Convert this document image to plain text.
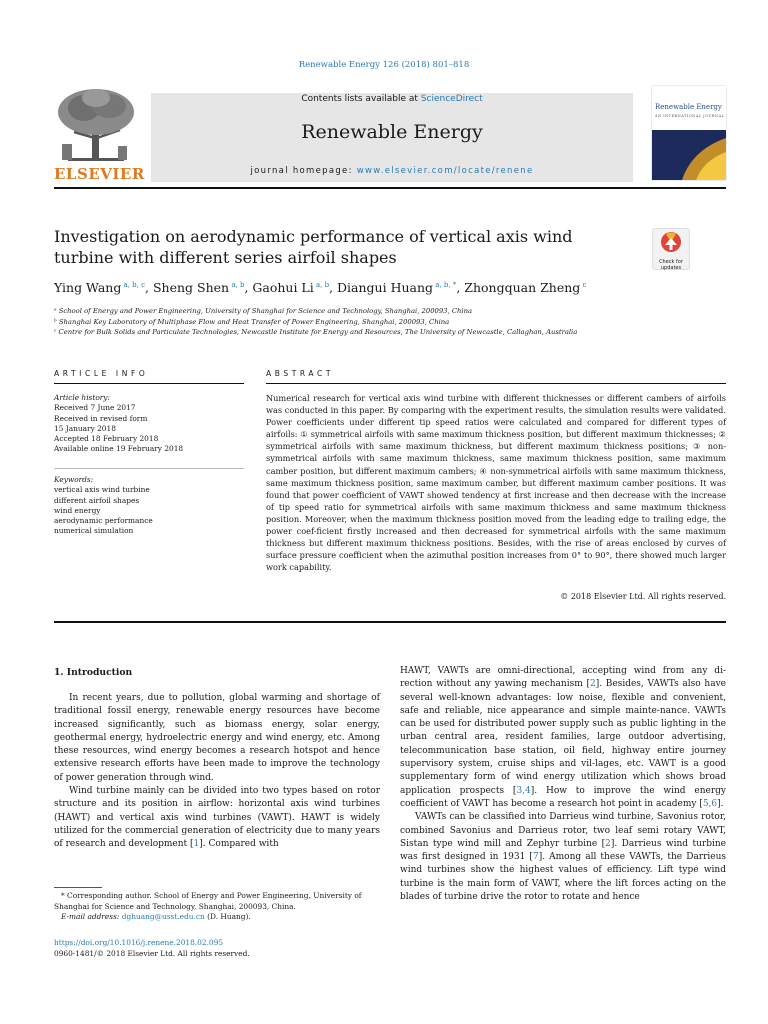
Renewable Energy 126 (2018) 801–818
ELSEVIER
Contents lists available at ScienceDirect
Renewable Energy
journal homepage: www.elsevier.com/locate/renene
Renewable Energy
AN INTERNATIONAL JOURNAL
Investigation on aerodynamic performance of vertical axis wind turbine with different series airfoil shapes	Check for updates
Ying Wang $^{a, b, c}$, Sheng Shen $^{a, b}$, Gaohui Li $^{a, b}$, Diangui Huang $^{a, b, *}$, Zhongquan Zheng $^c$
ᵃ School of Energy and Power Engineering, University of Shanghai for Science and Technology, Shanghai, 200093, China
ᵇ Shanghai Key Laboratory of Multiphase Flow and Heat Transfer of Power Engineering, Shanghai, 200093, China
ᶜ Centre for Bulk Solids and Particulate Technologies, Newcastle Institute for Energy and Resources, The University of Newcastle, Callaghan, Australia
ARTICLE INFO
Article history:
Received 7 June 2017
Received in revised form
15 January 2018
Accepted 18 February 2018
Available online 19 February 2018
Keywords:
vertical axis wind turbine
different airfoil shapes
wind energy
aerodynamic performance
numerical simulation
ABSTRACT
Numerical research for vertical axis wind turbine with different thicknesses or different cambers of airfoils was conducted in this paper. By comparing with the experiment results, the simulation results were validated. Power coefficients under different tip speed ratios were calculated and compared for different types of airfoils: ① symmetrical airfoils with same maximum thickness position, but different maximum thicknesses; ② symmetrical airfoils with same maximum thickness, but different maximum thickness positions; ③ non-symmetrical airfoils with same maximum thickness, same maximum thickness position, same maximum camber position, but different maximum cambers; ④ non-symmetrical airfoils with same maximum thickness, same maximum thickness position, same maximum camber, but different maximum camber positions. It was found that power coefficient of VAWT showed tendency at first increase and then decrease with the increase of tip speed ratio for symmetrical airfoils with same maximum thickness and same maximum thickness position. Moreover, when the maximum thickness position moved from the leading edge to trailing edge, the power coef-ficient firstly increased and then decreased for symmetrical airfoils with the same maximum thickness but different maximum thickness positions. Besides, with the rise of areas enclosed by curves of surface pressure coefficient when the azimuthal position increases from 0° to 90°, there showed much larger work capability.
© 2018 Elsevier Ltd. All rights reserved.
1. Introduction

In recent years, due to pollution, global warming and shortage of traditional fossil energy, renewable energy resources have become increased significantly, such as biomass energy, solar energy, geothermal energy, hydroelectric energy and wind energy, etc. Among these resources, wind energy becomes a research hotspot and hence extensive research efforts have been made to improve the technology of power generation through wind.

Wind turbine mainly can be divided into two types based on rotor structure and its position in airflow: horizontal axis wind turbines (HAWT) and vertical axis wind turbines (VAWT). HAWT is widely utilized for the commercial generation of electricity due to many years of research and development [1]. Compared with

HAWT, VAWTs are omni-directional, accepting wind from any di-rection without any yawing mechanism [2]. Besides, VAWTs also have several well-known advantages: low noise, flexible and convenient, safe and reliable, nice appearance and simple mainte-nance. VAWTs can be used for distributed power supply such as public lighting in the urban central area, resident families, large outdoor advertising, telecommunication base station, oil field, highway entire journey supervisory system, cruise ships and vil-lages, etc. VAWT is a good supplementary form of wind energy utilization which shows broad application prospects [3,4]. How to improve the wind energy coefficient of VAWT has become a research hot point in academy [5,6].

VAWTs can be classified into Darrieus wind turbine, Savonius rotor, combined Savonius and Darrieus rotor, two leaf semi rotary VAWT, Sistan type wind mill and Zephyr turbine [2]. Darrieus wind turbine was first designed in 1931 [7]. Among all these VAWTs, the Darrieus wind turbines show the highest values of efficiency. Lift type wind turbine is the main form of VAWT, where the lift forces acting on the blades of turbine drive the rotor to rotate and hence

* Corresponding author. School of Energy and Power Engineering, University of Shanghai for Science and Technology, Shanghai, 200093, China.
E-mail address: dghuang@usst.edu.cn (D. Huang).
https://doi.org/10.1016/j.renene.2018.02.095
0960-1481/© 2018 Elsevier Ltd. All rights reserved.
